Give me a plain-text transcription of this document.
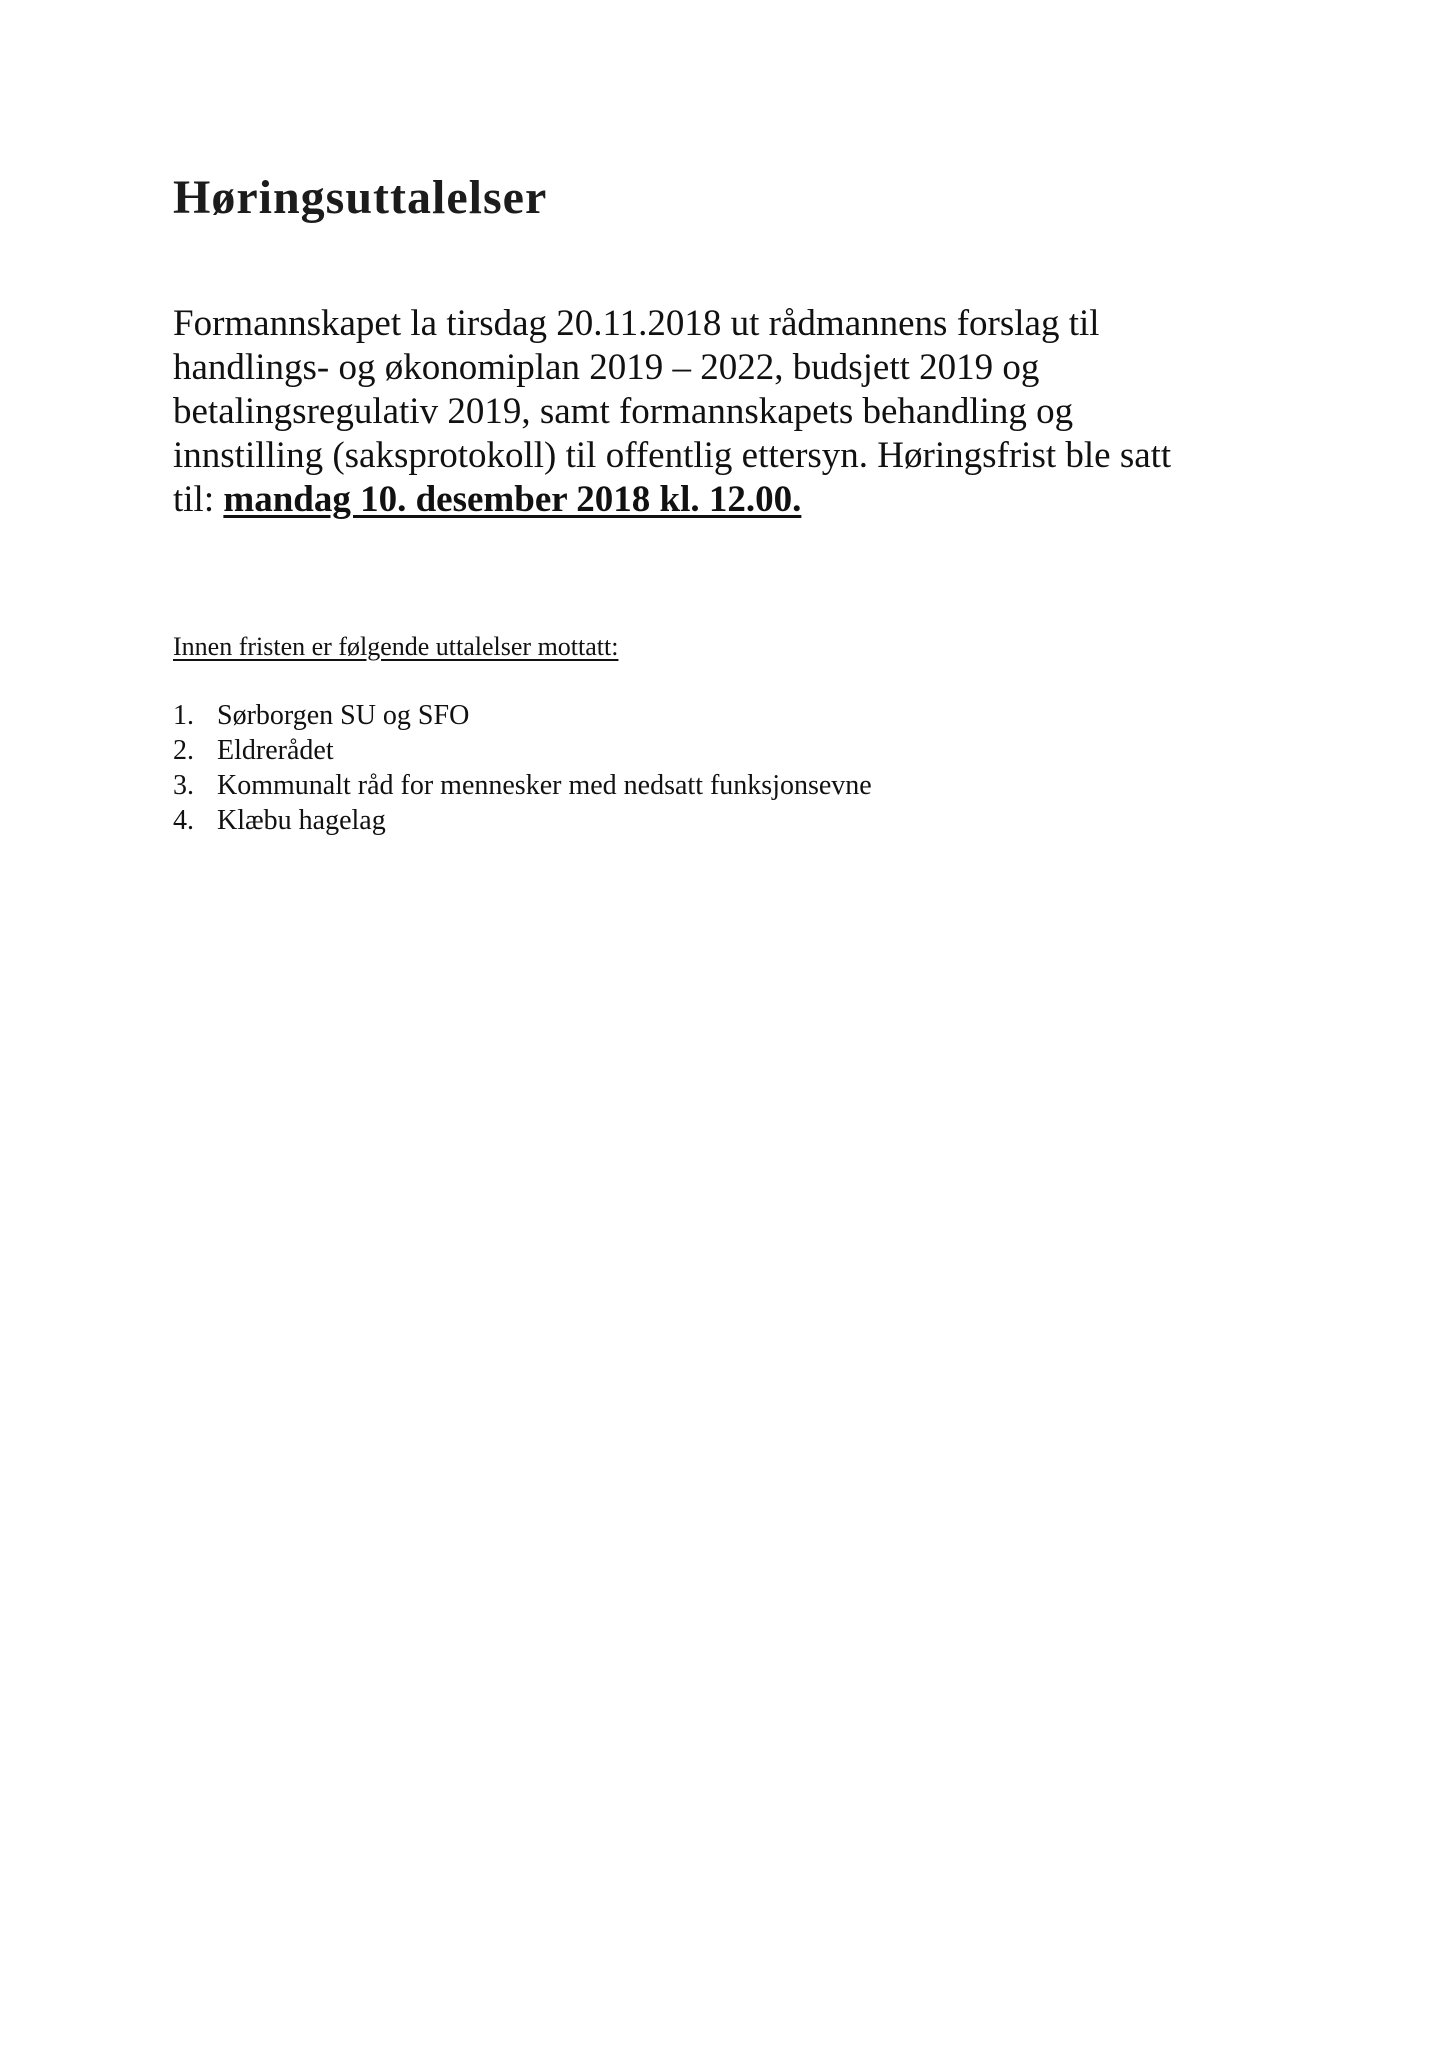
Høringsuttalelser

Formannskapet la tirsdag 20.11.2018 ut rådmannens forslag til
handlings- og økonomiplan 2019 – 2022, budsjett 2019 og
betalingsregulativ 2019, samt formannskapets behandling og
innstilling (saksprotokoll) til offentlig ettersyn. Høringsfrist ble satt
til: mandag 10. desember 2018 kl. 12.00.

Innen fristen er følgende uttalelser mottatt:
1. Sørborgen SU og SFO
2. Eldrerådet
3. Kommunalt råd for mennesker med nedsatt funksjonsevne
4. Klæbu hagelag
